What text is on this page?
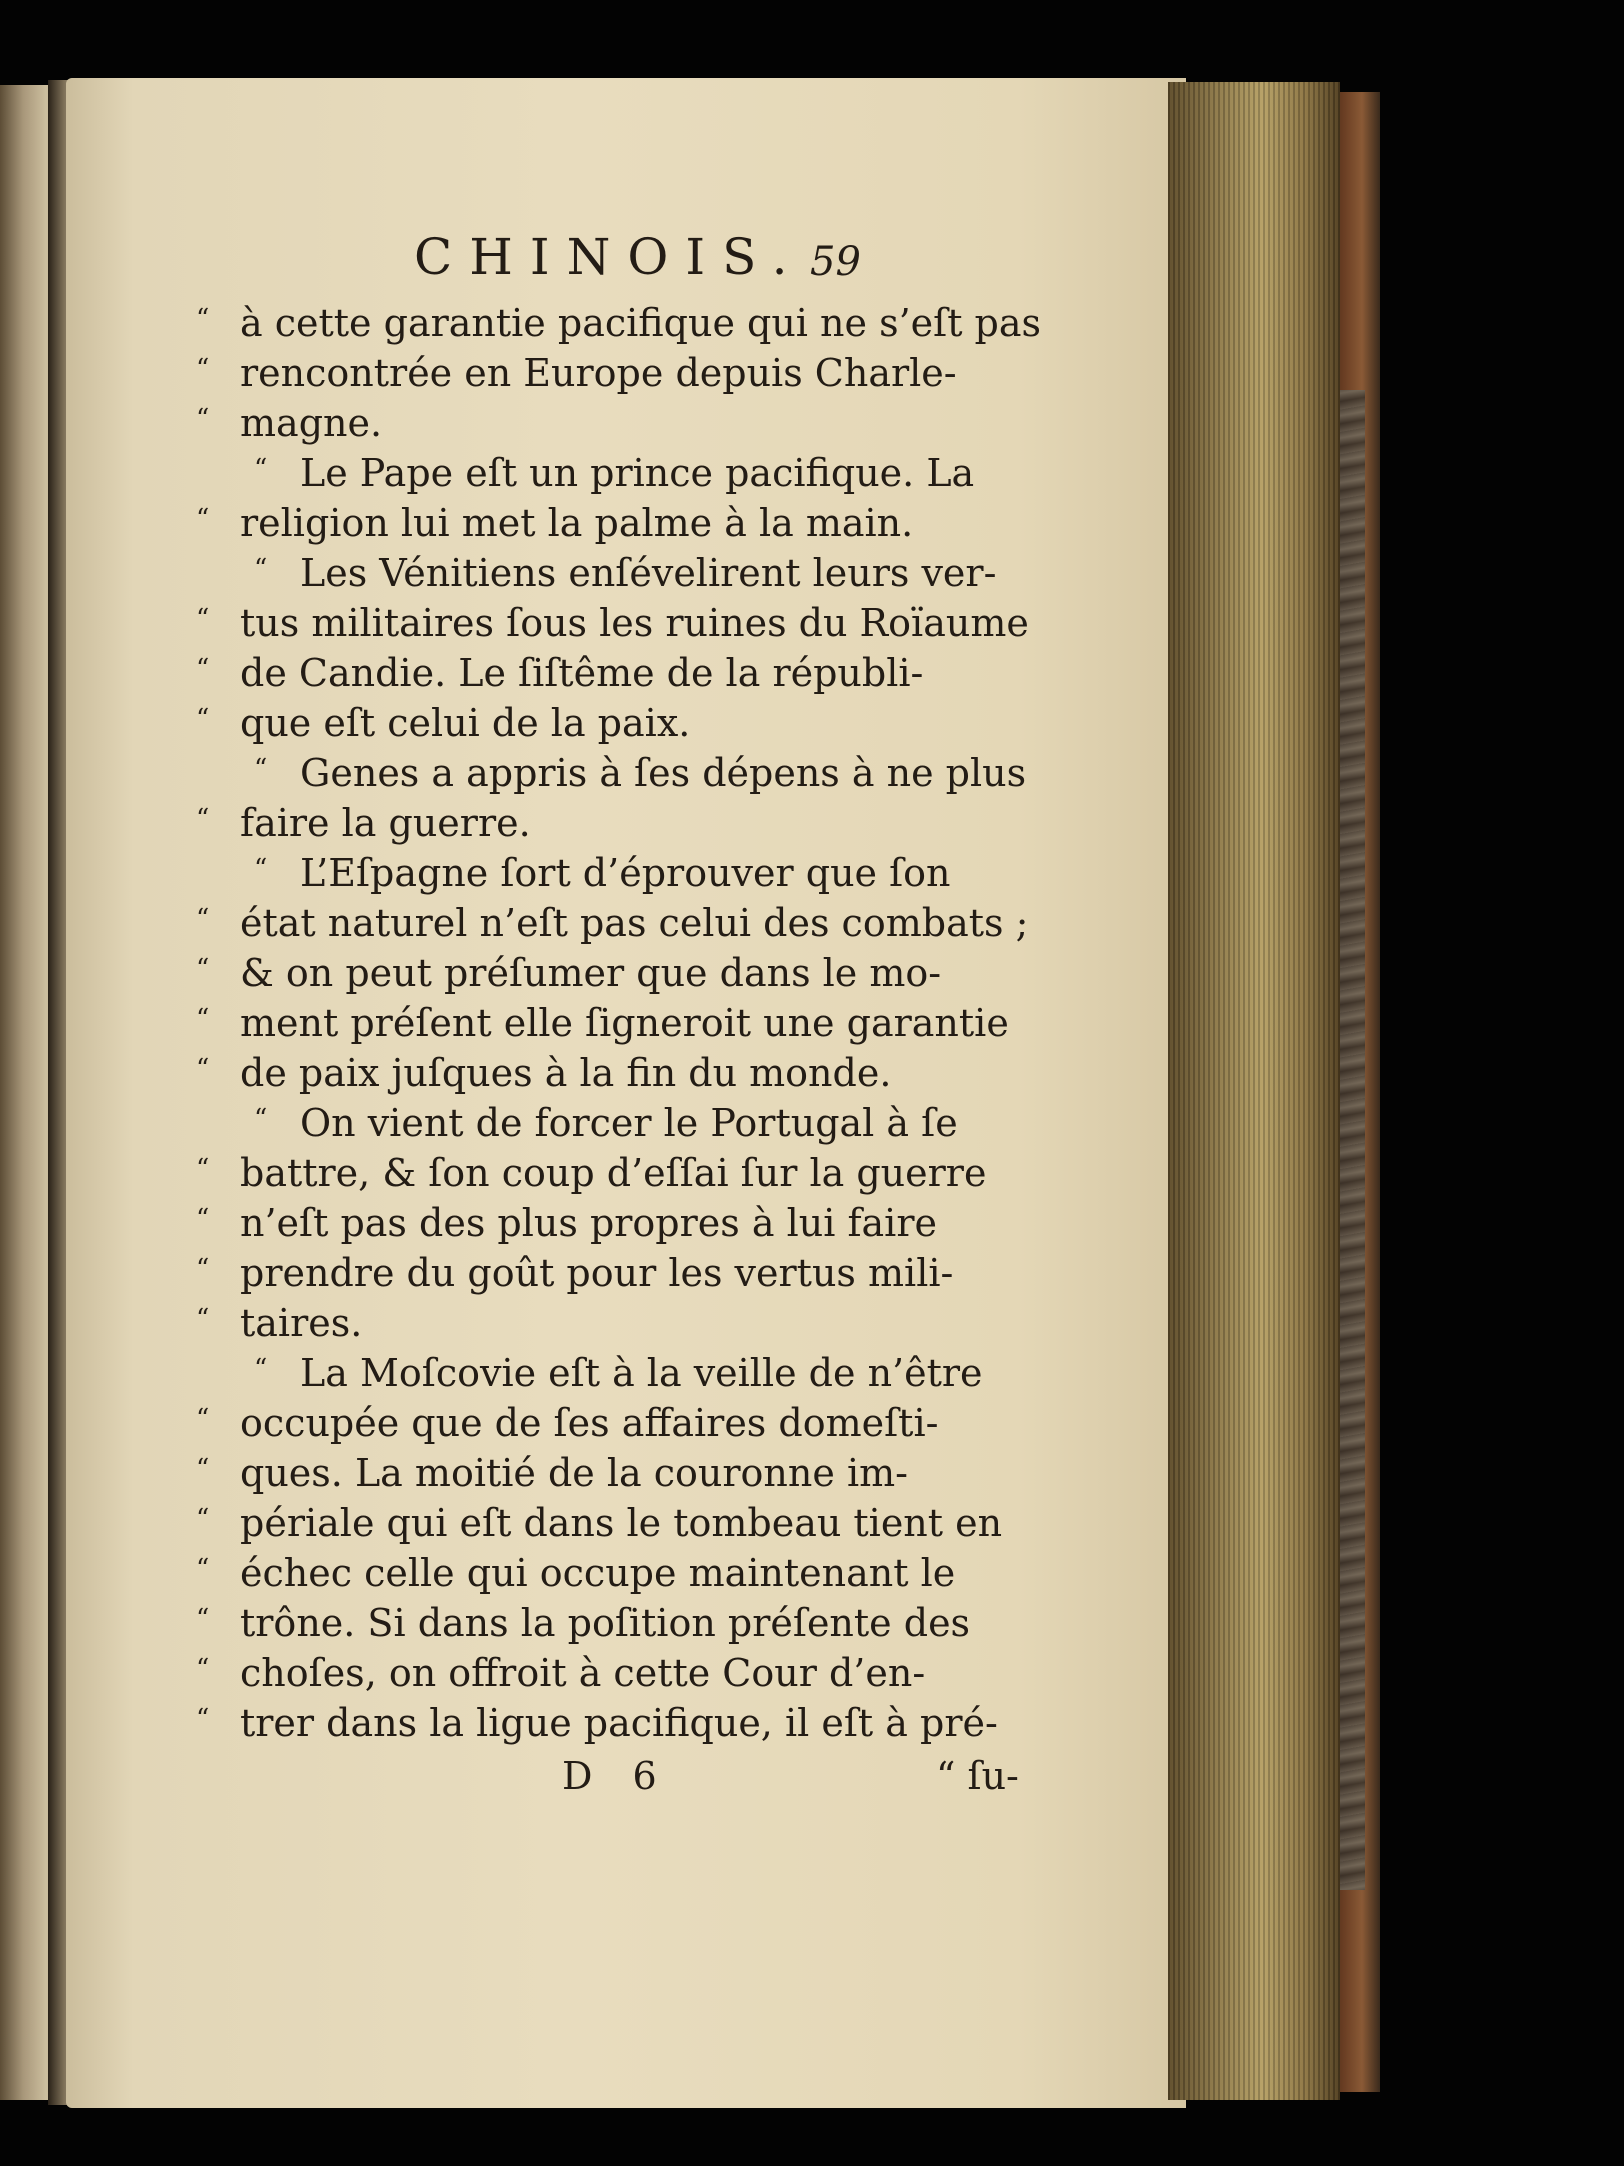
CHINOIS. 59
“ à cette garantie pacifique qui ne s’eſt pas
“ rencontrée en Europe depuis Charle-
“ magne.
“ Le Pape eſt un prince pacifique. La
“ religion lui met la palme à la main.
“ Les Vénitiens enſévelirent leurs ver-
“ tus militaires ſous les ruines du Roïaume
“ de Candie. Le ſiſtême de la républi-
“ que eſt celui de la paix.
“ Genes a appris à ſes dépens à ne plus
“ faire la guerre.
“ L’Eſpagne ſort d’éprouver que ſon
“ état naturel n’eſt pas celui des combats ;
“ & on peut préſumer que dans le mo-
“ ment préſent elle ſigneroit une garantie
“ de paix juſques à la fin du monde.
“ On vient de forcer le Portugal à ſe
“ battre, & ſon coup d’eſſai ſur la guerre
“ n’eſt pas des plus propres à lui faire
“ prendre du goût pour les vertus mili-
“ taires.
“ La Moſcovie eſt à la veille de n’être
“ occupée que de ſes affaires domeſti-
“ ques. La moitié de la couronne im-
“ périale qui eſt dans le tombeau tient en
“ échec celle qui occupe maintenant le
“ trône. Si dans la poſition préſente des
“ choſes, on offroit à cette Cour d’en-
“ trer dans la ligue pacifique, il eſt à pré-
D 6	“ ſu-
